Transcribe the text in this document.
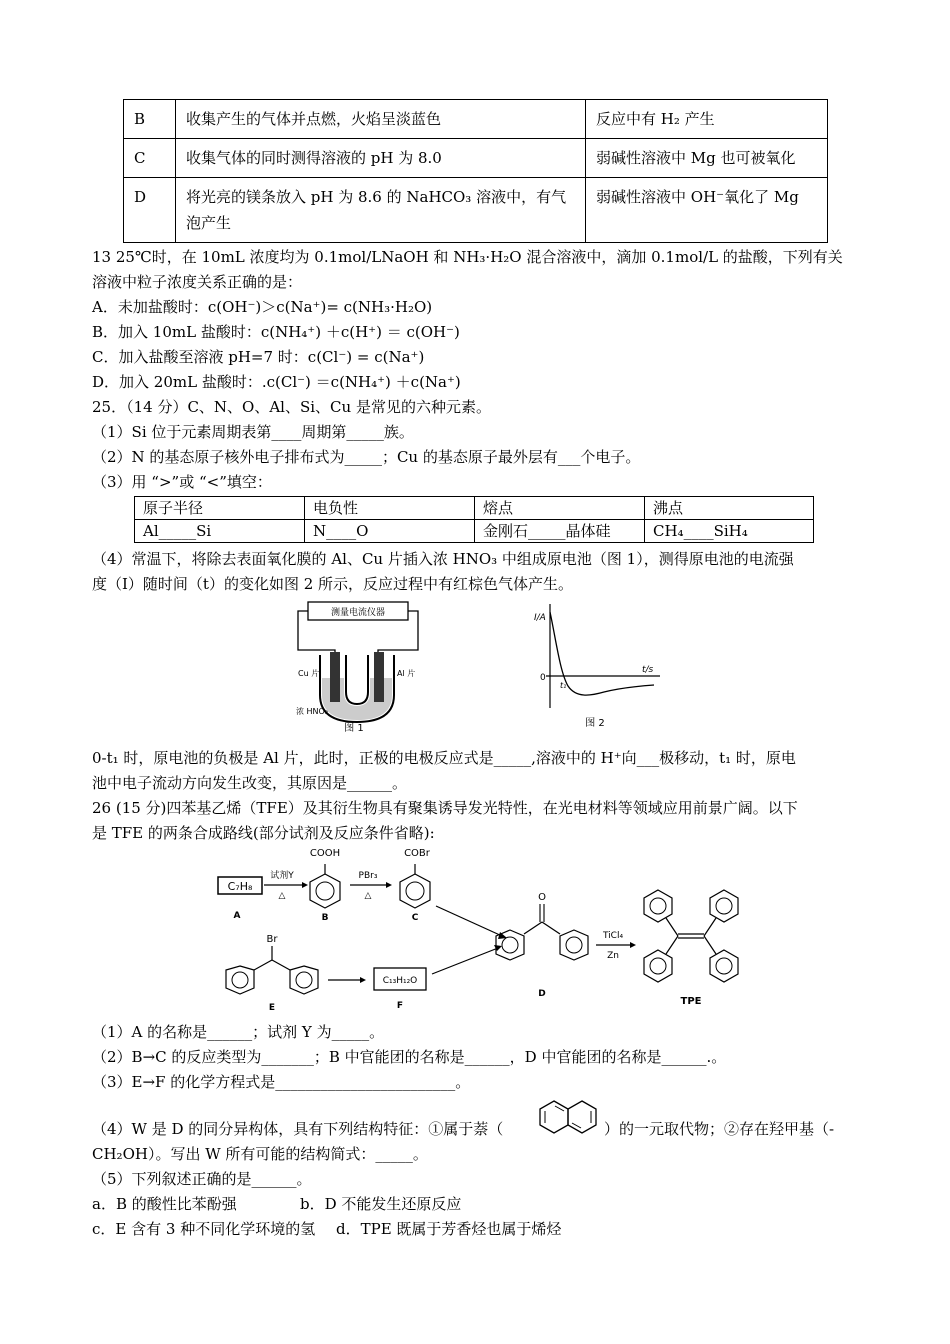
B	收集产生的气体并点燃，火焰呈淡蓝色	反应中有 H₂ 产生
C	收集气体的同时测得溶液的 pH 为 8.0	弱碱性溶液中 Mg 也可被氧化
D	将光亮的镁条放入 pH 为 8.6 的 NaHCO₃ 溶液中，有气泡产生	弱碱性溶液中 OH⁻氧化了 Mg
13 25℃时，在 10mL 浓度均为 0.1mol/LNaOH 和 NH₃·H₂O 混合溶液中，滴加 0.1mol/L 的盐酸，下列有关
溶液中粒子浓度关系正确的是：
A．未加盐酸时：c(OH⁻)＞c(Na⁺)= c(NH₃·H₂O)
B．加入 10mL 盐酸时：c(NH₄⁺) ＋c(H⁺) ＝ c(OH⁻)
C．加入盐酸至溶液 pH=7 时：c(Cl⁻) = c(Na⁺)
D．加入 20mL 盐酸时：.c(Cl⁻) ＝c(NH₄⁺) ＋c(Na⁺)
25．（14 分）C、N、O、Al、Si、Cu 是常见的六种元素。
（1）Si 位于元素周期表第____周期第_____族。
（2）N 的基态原子核外电子排布式为_____；Cu 的基态原子最外层有___个电子。
（3）用 “>”或 “<”填空：
原子半径	电负性	熔点	沸点
Al_____Si	N____O	金刚石_____晶体硅	CH₄____SiH₄
（4）常温下，将除去表面氧化膜的 Al、Cu 片插入浓 HNO₃ 中组成原电池（图 1），测得原电池的电流强
度（I）随时间（t）的变化如图 2 所示，反应过程中有红棕色气体产生。
测量电流仪器
Cu 片	Al 片
浓 HNO₃
图 1
I/A
t/s
0
t₁
图 2
0-t₁ 时，原电池的负极是 Al 片，此时，正极的电极反应式是_____,溶液中的 H⁺向___极移动，t₁ 时，原电
池中电子流动方向发生改变，其原因是______。
26 (15 分)四苯基乙烯（TFE）及其衍生物具有聚集诱导发光特性，在光电材料等领域应用前景广阔。以下
是 TFE 的两条合成路线(部分试剂及反应条件省略):
C₇H₈
A
试剂Y
△
COOH
B
PBr₃
△
COBr
C
Br
E
C₁₃H₁₂O
F
O
D
TiCl₄
Zn
TPE
（1）A 的名称是______；试剂 Y 为_____。
（2）B→C 的反应类型为_______；B 中官能团的名称是______，D 中官能团的名称是______.。
（3）E→F 的化学方程式是________________________。
（4）W 是 D 的同分异构体，具有下列结构特征：①属于萘（	）的一元取代物；②存在羟甲基（-
CH₂OH）。写出 W 所有可能的结构简式：_____。
（5）下列叙述正确的是______。
a．B 的酸性比苯酚强	b．D 不能发生还原反应
c．E 含有 3 种不同化学环境的氢 d．TPE 既属于芳香烃也属于烯烃
